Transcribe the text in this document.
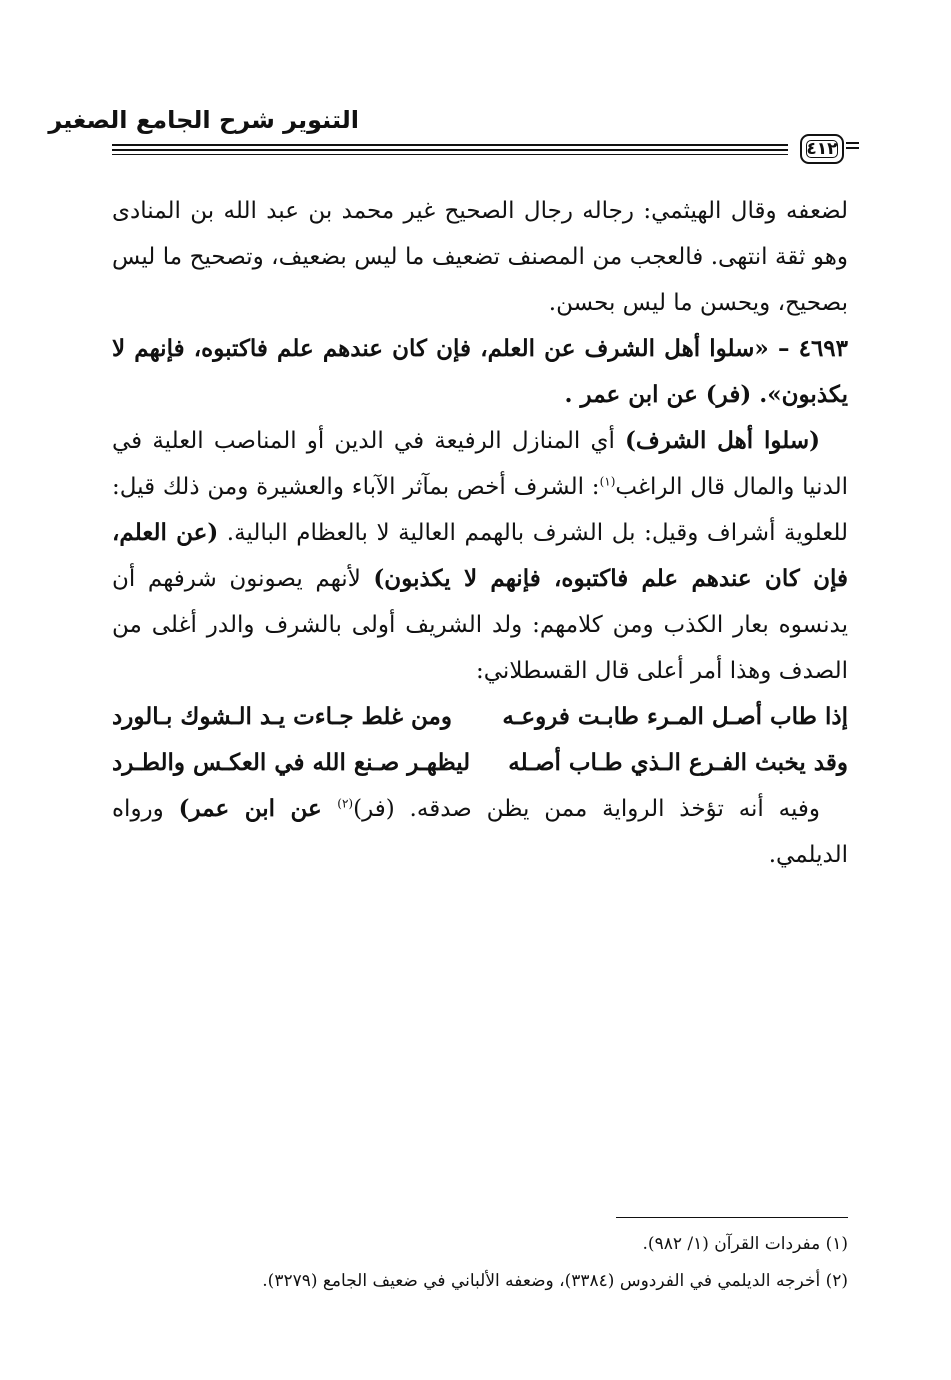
التنوير شرح الجامع الصغير
٤١٢

لضعفه وقال الهيثمي: رجاله رجال الصحيح غير محمد بن عبد الله بن المنادى وهو ثقة انتهى. فالعجب من المصنف تضعيف ما ليس بضعيف، وتصحيح ما ليس بصحيح، ويحسن ما ليس بحسن.

٤٦٩٣ – «سلوا أهل الشرف عن العلم، فإن كان عندهم علم فاكتبوه، فإنهم لا يكذبون». (فر) عن ابن عمر .

(سلوا أهل الشرف) أي المنازل الرفيعة في الدين أو المناصب العلية في الدنيا والمال قال الراغب$^{(١)}$: الشرف أخص بمآثر الآباء والعشيرة ومن ذلك قيل: للعلوية أشراف وقيل: بل الشرف بالهمم العالية لا بالعظام البالية. (عن العلم، فإن كان عندهم علم فاكتبوه، فإنهم لا يكذبون) لأنهم يصونون شرفهم أن يدنسوه بعار الكذب ومن كلامهم: ولد الشريف أولى بالشرف والدر أغلى من الصدف وهذا أمر أعلى قال القسطلاني:

إذا طاب أصـل المـرء طابـت فروعـه
ومن غلط جـاءت يـد الـشوك بـالورد
وقد يخبث الفـرع الـذي طـاب أصـله
ليظهـر صـنع الله في العكـس والطـرد

وفيه أنه تؤخذ الرواية ممن يظن صدقه. (فر)$^{(٢)}$ عن ابن عمر) ورواه الديلمي.

(١) مفردات القرآن (١/ ٩٨٢).

(٢) أخرجه الديلمي في الفردوس (٣٣٨٤)، وضعفه الألباني في ضعيف الجامع (٣٢٧٩).
